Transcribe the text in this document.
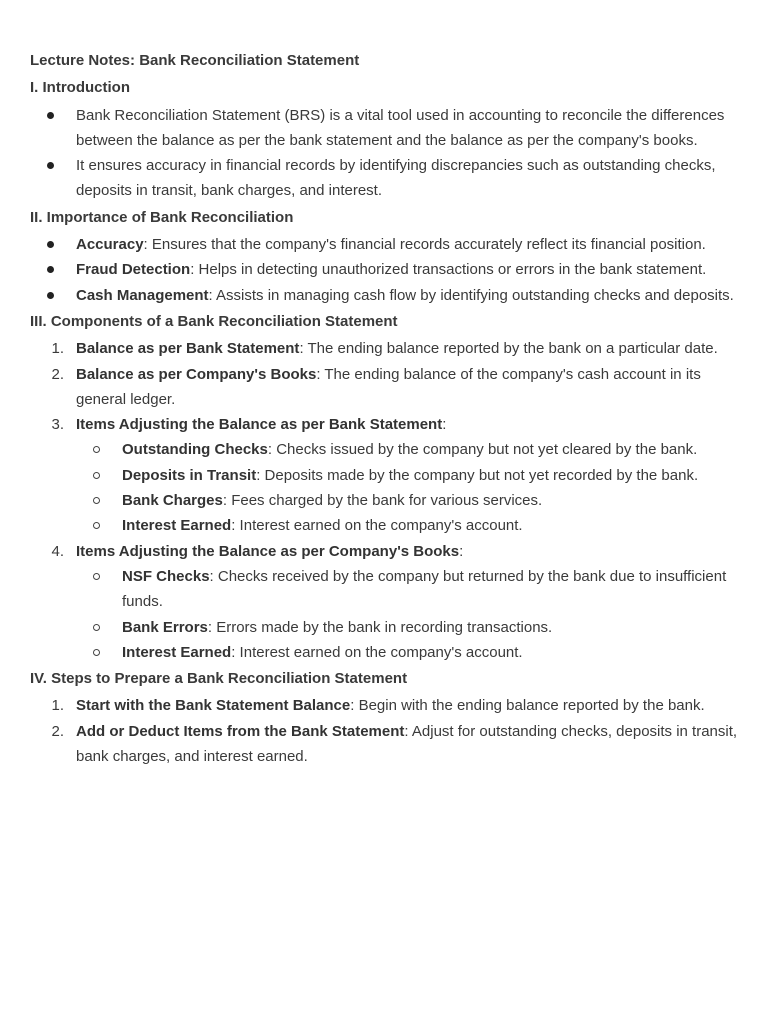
Lecture Notes: Bank Reconciliation Statement
I. Introduction
Bank Reconciliation Statement (BRS) is a vital tool used in accounting to reconcile the differences between the balance as per the bank statement and the balance as per the company's books.
It ensures accuracy in financial records by identifying discrepancies such as outstanding checks, deposits in transit, bank charges, and interest.
II. Importance of Bank Reconciliation
Accuracy: Ensures that the company's financial records accurately reflect its financial position.
Fraud Detection: Helps in detecting unauthorized transactions or errors in the bank statement.
Cash Management: Assists in managing cash flow by identifying outstanding checks and deposits.
III. Components of a Bank Reconciliation Statement
1. Balance as per Bank Statement: The ending balance reported by the bank on a particular date.
2. Balance as per Company's Books: The ending balance of the company's cash account in its general ledger.
3. Items Adjusting the Balance as per Bank Statement:
Outstanding Checks: Checks issued by the company but not yet cleared by the bank.
Deposits in Transit: Deposits made by the company but not yet recorded by the bank.
Bank Charges: Fees charged by the bank for various services.
Interest Earned: Interest earned on the company's account.
4. Items Adjusting the Balance as per Company's Books:
NSF Checks: Checks received by the company but returned by the bank due to insufficient funds.
Bank Errors: Errors made by the bank in recording transactions.
Interest Earned: Interest earned on the company's account.
IV. Steps to Prepare a Bank Reconciliation Statement
1. Start with the Bank Statement Balance: Begin with the ending balance reported by the bank.
2. Add or Deduct Items from the Bank Statement: Adjust for outstanding checks, deposits in transit, bank charges, and interest earned.
